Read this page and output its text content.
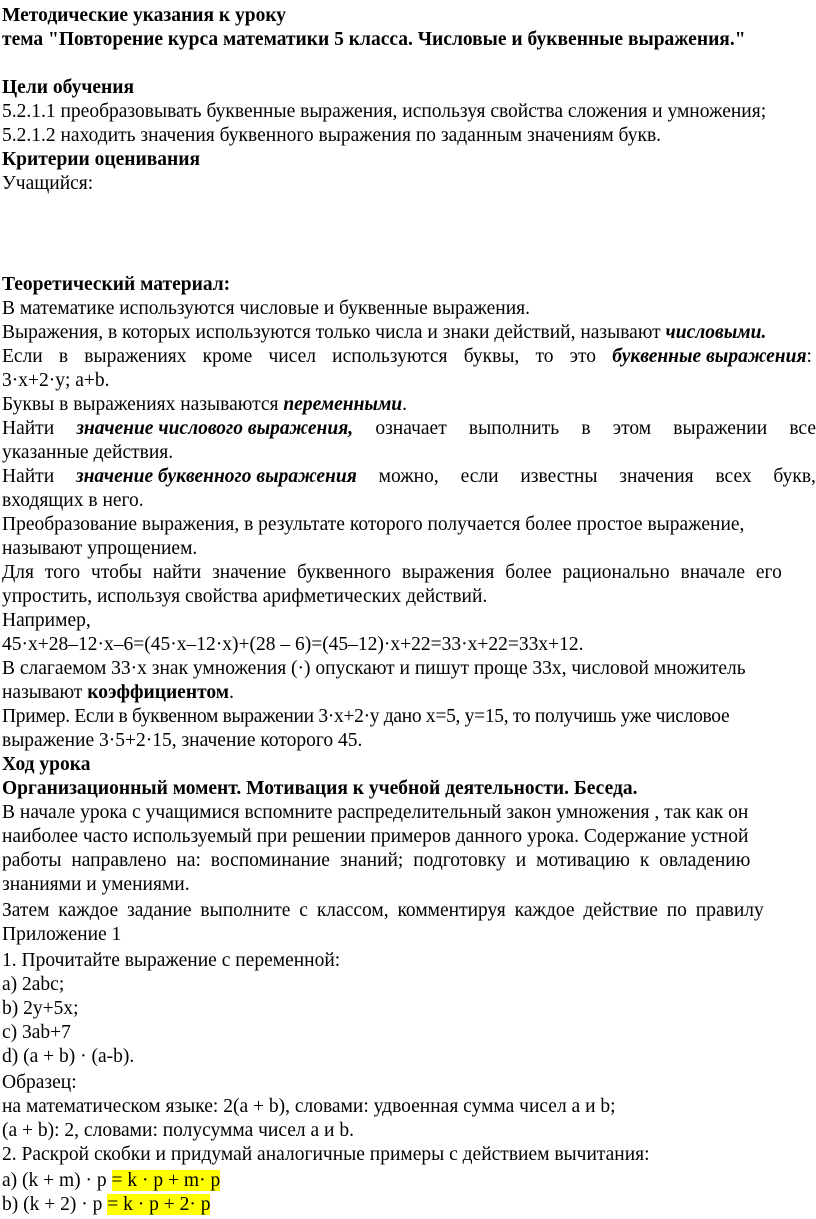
Методические указания к уроку
тема "Повторение курса математики 5 класса. Числовые и буквенные выражения."
Цели обучения
5.2.1.1 преобразовывать буквенные выражения, используя свойства сложения и умножения;
5.2.1.2 находить значения буквенного выражения по заданным значениям букв.
Критерии оценивания
Учащийся:
Теоретический материал:
В математике используются числовые и буквенные выражения.
Выражения, в которых используются только числа и знаки действий, называют числовыми.
Если в выражениях кроме чисел используются буквы, то это буквенные выражения:
3·x+2·y; a+b.
Буквы в выражениях называются переменными.
Найти значение числового выражения, означает выполнить в этом выражении все
указанные действия.
Найти значение буквенного выражения можно, если известны значения всех букв,
входящих в него.
Преобразование выражения, в результате которого получается более простое выражение,
называют упрощением.
Для того чтобы найти значение буквенного выражения более рационально вначале его
упростить, используя свойства арифметических действий.
Например,
45·x+28–12·x–6=(45·x–12·x)+(28 – 6)=(45–12)·x+22=33·x+22=33x+12.
В слагаемом 33·x знак умножения (·) опускают и пишут проще 33x, числовой множитель
называют коэффициентом.
Пример. Если в буквенном выражении 3·x+2·y дано x=5, y=15, то получишь уже числовое
выражение 3·5+2·15, значение которого 45.
Ход урока
Организационный момент. Мотивация к учебной деятельности. Беседа.
В начале урока с учащимися вспомните распределительный закон умножения , так как он
наиболее часто используемый при решении примеров данного урока. Содержание устной
работы направлено на: воспоминание знаний; подготовку и мотивацию к овладению
знаниями и умениями.
Затем каждое задание выполните с классом, комментируя каждое действие по правилу
Приложение 1
1. Прочитайте выражение с переменной:
a) 2abc;
b) 2y+5x;
c) 3ab+7
d) (a + b) · (a-b).
Образец:
на математическом языке: 2(a + b), словами: удвоенная сумма чисел a и b;
(a + b): 2, словами: полусумма чисел a и b.
2. Раскрой скобки и придумай аналогичные примеры с действием вычитания:
a) (k + m) · p = k · p + m· p
b) (k + 2) · p = k · p + 2· p
